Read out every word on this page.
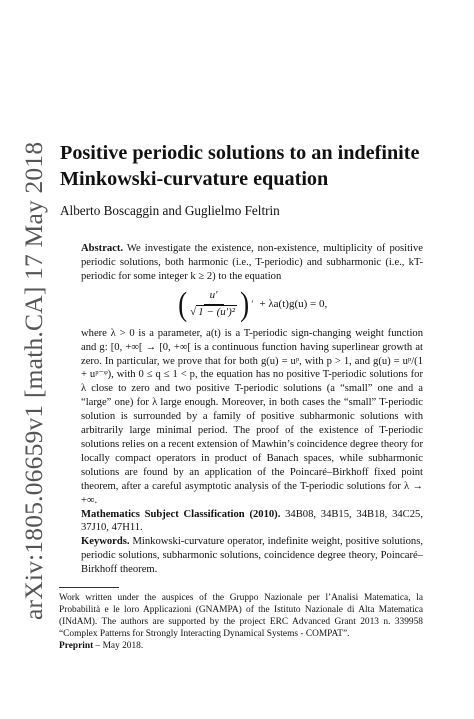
arXiv:1805.06659v1 [math.CA] 17 May 2018 Positive periodic solutions to an indefinite
Minkowski-curvature equation
Alberto Boscaggin and Guglielmo Feltrin

Abstract. We investigate the existence, non-existence, multiplicity of positive periodic solutions, both harmonic (i.e., T-periodic) and subharmonic (i.e., kT-periodic for some integer k ≥ 2) to the equation

( $\frac{u'}{\text{√ 1 − (u′)²}}$ ) ′ + λa(t)g(u) = 0,

where λ > 0 is a parameter, a(t) is a T-periodic sign-changing weight function and g: [0, +∞[ → [0, +∞[ is a continuous function having superlinear growth at zero. In particular, we prove that for both g(u) = uᵖ, with p > 1, and g(u) = uᵖ/(1 + uᵖ⁻ᵠ), with 0 ≤ q ≤ 1 < p, the equation has no positive T-periodic solutions for λ close to zero and two positive T-periodic solutions (a “small” one and a “large” one) for λ large enough. Moreover, in both cases the “small” T-periodic solution is surrounded by a family of positive subharmonic solutions with arbitrarily large minimal period. The proof of the existence of T-periodic solutions relies on a recent extension of Mawhin’s coincidence degree theory for locally compact operators in product of Banach spaces, while subharmonic solutions are found by an application of the Poincaré–Birkhoff fixed point theorem, after a careful asymptotic analysis of the T-periodic solutions for λ → +∞.

Mathematics Subject Classification (2010). 34B08, 34B15, 34B18, 34C25, 37J10, 47H11.

Keywords. Minkowski-curvature operator, indefinite weight, positive solutions, periodic solutions, subharmonic solutions, coincidence degree theory, Poincaré–Birkhoff theorem.

Work written under the auspices of the Gruppo Nazionale per l’Analisi Matematica, la Probabilità e le loro Applicazioni (GNAMPA) of the Istituto Nazionale di Alta Matematica (INdAM). The authors are supported by the project ERC Advanced Grant 2013 n. 339958 “Complex Patterns for Strongly Interacting Dynamical Systems - COMPAT”.

Preprint – May 2018.
